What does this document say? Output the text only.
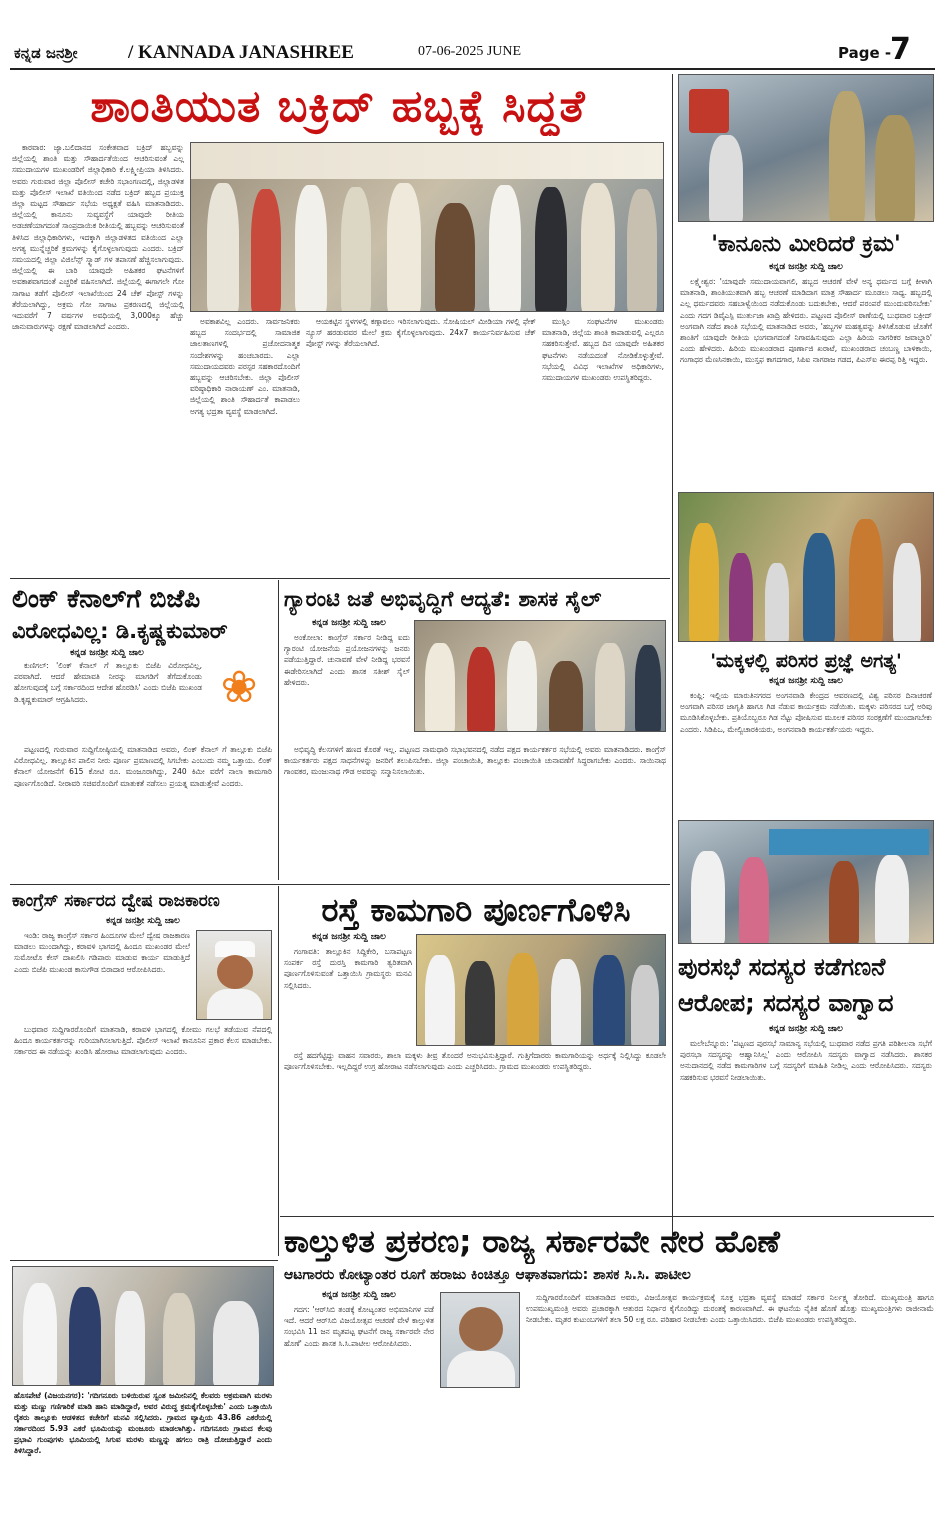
ಕನ್ನಡ ಜನಶ್ರೀ	/ KANNADA JANASHREE	07-06-2025 JUNE	Page -
7
ಶಾಂತಿಯುತ ಬಕ್ರಿದ್ ಹಬ್ಬಕ್ಕೆ ಸಿದ್ಧತೆ

ಕಾರವಾರ: ಜ್ಯಾ.ಬಲಿದಾನದ ಸಂಕೇತವಾದ ಬಕ್ರಿದ್ ಹಬ್ಬವನ್ನು ಜಿಲ್ಲೆಯಲ್ಲಿ ಶಾಂತಿ ಮತ್ತು ಸೌಹಾರ್ದತೆಯಿಂದ ಆಚರಿಸುವಂತೆ ಎಲ್ಲ ಸಮುದಾಯಗಳ ಮುಖಂಡರಿಗೆ ಜಿಲ್ಲಾಧಿಕಾರಿ ಕೆ.ಲಕ್ಷ್ಮೀಪ್ರಿಯಾ ತಿಳಿಸಿದರು. ಅವರು ಗುರುವಾರ ಜಿಲ್ಲಾ ಪೊಲೀಸ್ ಕಚೇರಿ ಸಭಾಂಗಣದಲ್ಲಿ, ಜಿಲ್ಲಾಡಳಿತ ಮತ್ತು ಪೊಲೀಸ್ ಇಲಾಖೆ ವತಿಯಿಂದ ನಡೆದ ಬಕ್ರಿದ್ ಹಬ್ಬದ ಪ್ರಯುಕ್ತ ಜಿಲ್ಲಾ ಮಟ್ಟದ ಸೌಹಾರ್ದ ಸಭೆಯ ಅಧ್ಯಕ್ಷತೆ ವಹಿಸಿ ಮಾತನಾಡಿದರು. ಜಿಲ್ಲೆಯಲ್ಲಿ ಕಾನೂನು ಸುವ್ಯವಸ್ಥೆಗೆ ಯಾವುದೇ ರೀತಿಯ ಅಡಚಣೆಯಾಗದಂತೆ ಸಾಂಪ್ರದಾಯಿಕ ರೀತಿಯಲ್ಲಿ ಹಬ್ಬವನ್ನು ಆಚರಿಸುವಂತೆ ತಿಳಿಸಿದ ಜಿಲ್ಲಾಧಿಕಾರಿಗಳು, ಇದಕ್ಕಾಗಿ ಜಿಲ್ಲಾಡಳಿತದ ವತಿಯಿಂದ ಎಲ್ಲಾ ಅಗತ್ಯ ಮುನ್ನೆಚ್ಚರಿಕೆ ಕ್ರಮಗಳನ್ನು ಕೈಗೊಳ್ಳಲಾಗುವುದು ಎಂದರು. ಬಕ್ರಿದ್ ಸಮಯದಲ್ಲಿ ಜಿಲ್ಲಾ ವಿಜಿಲೆನ್ಸ್ ಸ್ಕ್ವಾಡ್ ಗಳ ತಪಾಸಣೆ ಹೆಚ್ಚಿಸಲಾಗುವುದು. ಜಿಲ್ಲೆಯಲ್ಲಿ ಈ ಬಾರಿ ಯಾವುದೇ ಅಹಿತಕರ ಘಟನೆಗಳಿಗೆ ಅವಕಾಶವಾಗದಂತೆ ಎಚ್ಚರಿಕೆ ವಹಿಸಲಾಗಿದೆ. ಜಿಲ್ಲೆಯಲ್ಲಿ ಈಗಾಗಲೇ ಗೋ ಸಾಗಾಟ ತಡೆಗೆ ಪೊಲೀಸ್ ಇಲಾಖೆಯಿಂದ 24 ಚೆಕ್ ಪೋಸ್ಟ್ ಗಳನ್ನು ತೆರೆಯಲಾಗಿದ್ದು, ಅಕ್ರಮ ಗೋ ಸಾಗಾಟ ಪ್ರಕರಣದಲ್ಲಿ ಜಿಲ್ಲೆಯಲ್ಲಿ ಇದುವರೆಗೆ 7 ವರ್ಷಗಳ ಅವಧಿಯಲ್ಲಿ 3,000ಕ್ಕೂ ಹೆಚ್ಚು ಜಾನುವಾರುಗಳನ್ನು ರಕ್ಷಣೆ ಮಾಡಲಾಗಿದೆ ಎಂದರು.

ಅವಕಾಶವಿಲ್ಲ ಎಂದರು. ಸಾರ್ವಜನಿಕರು ಹಬ್ಬದ ಸಂದರ್ಭದಲ್ಲಿ ಸಾಮಾಜಿಕ ಜಾಲತಾಣಗಳಲ್ಲಿ ಪ್ರಚೋದನಾತ್ಮಕ ಸಂದೇಶಗಳನ್ನು ಹಂಚಬಾರದು. ಎಲ್ಲಾ ಸಮುದಾಯದವರು ಪರಸ್ಪರ ಸಹಕಾರದೊಂದಿಗೆ ಹಬ್ಬವನ್ನು ಆಚರಿಸಬೇಕು. ಜಿಲ್ಲಾ ಪೊಲೀಸ್ ವರಿಷ್ಠಾಧಿಕಾರಿ ನಾರಾಯಣ್ ಎಂ. ಮಾತನಾಡಿ, ಜಿಲ್ಲೆಯಲ್ಲಿ ಶಾಂತಿ ಸೌಹಾರ್ದತೆ ಕಾಪಾಡಲು ಅಗತ್ಯ ಭದ್ರತಾ ವ್ಯವಸ್ಥೆ ಮಾಡಲಾಗಿದೆ.

ಆಯಕಟ್ಟಿನ ಸ್ಥಳಗಳಲ್ಲಿ ಕಣ್ಗಾವಲು ಇರಿಸಲಾಗುವುದು. ಸೋಷಿಯಲ್ ಮೀಡಿಯಾ ಗಳಲ್ಲಿ ಫೇಕ್ ನ್ಯೂಸ್ ಹರಡುವವರ ಮೇಲೆ ಕ್ರಮ ಕೈಗೊಳ್ಳಲಾಗುವುದು. 24x7 ಕಾರ್ಯನಿರ್ವಹಿಸುವ ಚೆಕ್ ಪೋಸ್ಟ್ ಗಳನ್ನು ತೆರೆಯಲಾಗಿದೆ.

ಮುಸ್ಲಿಂ ಸಂಘಟನೆಗಳ ಮುಖಂಡರು ಮಾತನಾಡಿ, ಜಿಲ್ಲೆಯ ಶಾಂತಿ ಕಾಪಾಡುವಲ್ಲಿ ಎಲ್ಲರೂ ಸಹಕರಿಸುತ್ತೇವೆ. ಹಬ್ಬದ ದಿನ ಯಾವುದೇ ಅಹಿತಕರ ಘಟನೆಗಳು ನಡೆಯದಂತೆ ನೋಡಿಕೊಳ್ಳುತ್ತೇವೆ. ಸಭೆಯಲ್ಲಿ ವಿವಿಧ ಇಲಾಖೆಗಳ ಅಧಿಕಾರಿಗಳು, ಸಮುದಾಯಗಳ ಮುಖಂಡರು ಉಪಸ್ಥಿತರಿದ್ದರು.

'ಕಾನೂನು ಮೀರಿದರೆ ಕ್ರಮ'
ಕನ್ನಡ ಜನಶ್ರೀ ಸುದ್ದಿ ಜಾಲ

ಲಕ್ಷ್ಮೇಶ್ವರ: 'ಯಾವುದೇ ಸಮುದಾಯವಾಗಲಿ, ಹಬ್ಬದ ಆಚರಣೆ ವೇಳೆ ಅನ್ಯ ಧರ್ಮದ ಬಗ್ಗೆ ಕೀಳಾಗಿ ಮಾತನಾಡಿ, ಶಾಂತಿಯುತವಾಗಿ ಹಬ್ಬ ಆಚರಣೆ ಮಾಡಿದಾಗ ಮಾತ್ರ ಸೌಹಾರ್ದ ಮೂಡಲು ಸಾಧ್ಯ. ಹಬ್ಬದಲ್ಲಿ ಎಲ್ಲ ಧರ್ಮದವರು ಸಹಬಾಳ್ವೆಯಿಂದ ನಡೆದುಕೊಂಡು ಬದುಕಬೇಕು, ಆದರೆ ಪರಂಪರೆ ಮುಂದುವರಿಸಬೇಕು' ಎಂದು ಗದಗ ಡಿವೈಎಸ್ಪಿ ಮುರ್ತುಜಾ ಖಾದ್ರಿ ಹೇಳಿದರು. ಪಟ್ಟಣದ ಪೊಲೀಸ್ ಠಾಣೆಯಲ್ಲಿ ಬುಧವಾರ ಬಕ್ರೀದ್ ಅಂಗವಾಗಿ ನಡೆದ ಶಾಂತಿ ಸಭೆಯಲ್ಲಿ ಮಾತನಾಡಿದ ಅವರು, 'ಹಬ್ಬಗಳ ಮಹತ್ವವನ್ನು ತಿಳಿಸಿಕೊಡುವ ಜೊತೆಗೆ ಶಾಂತಿಗೆ ಯಾವುದೇ ರೀತಿಯ ಭಂಗವಾಗದಂತೆ ನಿಗಾವಹಿಸುವುದು ಎಲ್ಲಾ ಹಿರಿಯ ನಾಗರಿಕರ ಜವಾಬ್ದಾರಿ' ಎಂದು ಹೇಳಿದರು. ಹಿರಿಯ ಮುಖಂಡರಾದ ಪೂರ್ಣಾಜಿ ಖರಾಟೆ, ಮುಖಂಡರಾದ ಚಂಬಣ್ಣ ಬಾಳಿಕಾಯಿ, ಗಂಗಾಧರ ಮೆಣಸಿನಕಾಯಿ, ಮುಸ್ತಫ ಕಾಗದಗಾರ, ಸಿಪಿಐ ನಾಗರಾಜ ಗಡದ, ಪಿಎಸ್ಐ ಈರಪ್ಪ ರಿತ್ತಿ ಇದ್ದರು.

'ಮಕ್ಕಳಲ್ಲಿ ಪರಿಸರ ಪ್ರಜ್ಞೆ ಅಗತ್ಯ'
ಕನ್ನಡ ಜನಶ್ರೀ ಸುದ್ದಿ ಜಾಲ

ಕಂಪ್ಲಿ: ಇಲ್ಲಿಯ ಮಾರುತಿನಗರದ ಅಂಗನವಾಡಿ ಕೇಂದ್ರದ ಆವರಣದಲ್ಲಿ ವಿಶ್ವ ಪರಿಸರ ದಿನಾಚರಣೆ ಅಂಗವಾಗಿ ಪರಿಸರ ಜಾಗೃತಿ ಹಾಗೂ ಗಿಡ ನೆಡುವ ಕಾರ್ಯಕ್ರಮ ನಡೆಯಿತು. ಮಕ್ಕಳು ಪರಿಸರದ ಬಗ್ಗೆ ಅರಿವು ಮೂಡಿಸಿಕೊಳ್ಳಬೇಕು. ಪ್ರತಿಯೊಬ್ಬರೂ ಗಿಡ ನೆಟ್ಟು ಪೋಷಿಸುವ ಮೂಲಕ ಪರಿಸರ ಸಂರಕ್ಷಣೆಗೆ ಮುಂದಾಗಬೇಕು ಎಂದರು. ಸಿಡಿಪಿಒ, ಮೇಲ್ವಿಚಾರಕಿಯರು, ಅಂಗನವಾಡಿ ಕಾರ್ಯಕರ್ತೆಯರು ಇದ್ದರು.

ಪುರಸಭೆ ಸದಸ್ಯರ ಕಡೆಗಣನೆ
ಆರೋಪ; ಸದಸ್ಯರ ವಾಗ್ವಾದ
ಕನ್ನಡ ಜನಶ್ರೀ ಸುದ್ದಿ ಜಾಲ

ಮಲೇಬೆನ್ನೂರು: 'ಪಟ್ಟಣದ ಪುರಸಭೆ ಸಾಮಾನ್ಯ ಸಭೆಯಲ್ಲಿ ಬುಧವಾರ ನಡೆದ ಪ್ರಗತಿ ಪರಿಶೀಲನಾ ಸಭೆಗೆ ಪುರಸಭಾ ಸದಸ್ಯರನ್ನು ಆಹ್ವಾನಿಸಿಲ್ಲ' ಎಂದು ಆರೋಪಿಸಿ ಸದಸ್ಯರು ವಾಗ್ವಾದ ನಡೆಸಿದರು. ಶಾಸಕರ ಅನುದಾನದಲ್ಲಿ ನಡೆದ ಕಾಮಗಾರಿಗಳ ಬಗ್ಗೆ ಸದಸ್ಯರಿಗೆ ಮಾಹಿತಿ ನೀಡಿಲ್ಲ ಎಂದು ಆರೋಪಿಸಿದರು. ಸದಸ್ಯರು ಸಹಕರಿಸುವ ಭರವಸೆ ನೀಡಲಾಯಿತು.

ಲಿಂಕ್ ಕೆನಾಲ್‌ಗೆ ಬಿಜೆಪಿ
ವಿರೋಧವಿಲ್ಲ: ಡಿ.ಕೃಷ್ಣಕುಮಾರ್
ಕನ್ನಡ ಜನಶ್ರೀ ಸುದ್ದಿ ಜಾಲ

ಕುಣಿಗಲ್: 'ಲಿಂಕ್ ಕೆನಾಲ್ ಗೆ ತಾಲ್ಲೂಕು ಬಿಜೆಪಿ ವಿರೋಧವಿಲ್ಲ, ಪರವಾಗಿದೆ. ಆದರೆ ಹೇಮಾವತಿ ನೀರನ್ನು ಮಾಗಡಿಗೆ ತೆಗೆದುಕೊಂಡು ಹೋಗುವುದಕ್ಕೆ ಬಗ್ಗೆ ಸರ್ಕಾರದಿಂದ ಆದೇಶ ಹೊರಡಿಸಿ' ಎಂದು ಬಿಜೆಪಿ ಮುಖಂಡ ಡಿ.ಕೃಷ್ಣಕುಮಾರ್ ಆಗ್ರಹಿಸಿದರು.	❀

ಪಟ್ಟಣದಲ್ಲಿ ಗುರುವಾರ ಸುದ್ದಿಗೋಷ್ಠಿಯಲ್ಲಿ ಮಾತನಾಡಿದ ಅವರು, ಲಿಂಕ್ ಕೆನಾಲ್ ಗೆ ತಾಲ್ಲೂಕು ಬಿಜೆಪಿ ವಿರೋಧವಿಲ್ಲ. ತಾಲ್ಲೂಕಿನ ಪಾಲಿನ ನೀರು ಪೂರ್ಣ ಪ್ರಮಾಣದಲ್ಲಿ ಸಿಗಬೇಕು ಎಂಬುದು ನಮ್ಮ ಒತ್ತಾಯ. ಲಿಂಕ್ ಕೆನಾಲ್ ಯೋಜನೆಗೆ 615 ಕೋಟಿ ರೂ. ಮಂಜೂರಾಗಿದ್ದು, 240 ಕಿಮೀ ವರೆಗೆ ನಾಲಾ ಕಾಮಗಾರಿ ಪೂರ್ಣಗೊಂಡಿದೆ. ನೀರಾವರಿ ಸಚಿವರೊಂದಿಗೆ ಮಾತುಕತೆ ನಡೆಸಲು ಪ್ರಯತ್ನ ಮಾಡುತ್ತೇವೆ ಎಂದರು.

ಗ್ಯಾರಂಟಿ ಜತೆ ಅಭಿವೃದ್ಧಿಗೆ ಆದ್ಯತೆ: ಶಾಸಕ ಸೈಲ್
ಕನ್ನಡ ಜನಶ್ರೀ ಸುದ್ದಿ ಜಾಲ

ಅಂಕೋಲಾ: ಕಾಂಗ್ರೆಸ್ ಸರ್ಕಾರ ನೀಡಿದ್ದ ಐದು ಗ್ಯಾರಂಟಿ ಯೋಜನೆಯ ಪ್ರಯೋಜನಗಳನ್ನು ಜನರು ಪಡೆಯುತ್ತಿದ್ದಾರೆ. ಚುನಾವಣೆ ವೇಳೆ ನೀಡಿದ್ದ ಭರವಸೆ ಈಡೇರಿಸಲಾಗಿದೆ ಎಂದು ಶಾಸಕ ಸತೀಶ್ ಸೈಲ್ ಹೇಳಿದರು.

ಅಭಿವೃದ್ಧಿ ಕೆಲಸಗಳಿಗೆ ಹಣದ ಕೊರತೆ ಇಲ್ಲ. ಪಟ್ಟಣದ ನಾಮಧಾರಿ ಸಭಾಭವನದಲ್ಲಿ ನಡೆದ ಪಕ್ಷದ ಕಾರ್ಯಕರ್ತರ ಸಭೆಯಲ್ಲಿ ಅವರು ಮಾತನಾಡಿದರು. ಕಾಂಗ್ರೆಸ್ ಕಾರ್ಯಕರ್ತರು ಪಕ್ಷದ ಸಾಧನೆಗಳನ್ನು ಜನರಿಗೆ ತಲುಪಿಸಬೇಕು. ಜಿಲ್ಲಾ ಪಂಚಾಯಿತಿ, ತಾಲ್ಲೂಕು ಪಂಚಾಯಿತಿ ಚುನಾವಣೆಗೆ ಸಿದ್ಧರಾಗಬೇಕು ಎಂದರು. ಸಾಯಿನಾಥ ಗಾಂವಕರ, ಮಂಜುನಾಥ ಗೌಡ ಅವರನ್ನು ಸನ್ಮಾನಿಸಲಾಯಿತು.

ಕಾಂಗ್ರೆಸ್ ಸರ್ಕಾರದ ದ್ವೇಷ ರಾಜಕಾರಣ
ಕನ್ನಡ ಜನಶ್ರೀ ಸುದ್ದಿ ಜಾಲ

ಇಂಡಿ: ರಾಜ್ಯ ಕಾಂಗ್ರೆಸ್ ಸರ್ಕಾರ ಹಿಂದೂಗಳ ಮೇಲೆ ದ್ವೇಷ ರಾಜಕಾರಣ ಮಾಡಲು ಮುಂದಾಗಿದ್ದು, ಕರಾವಳಿ ಭಾಗದಲ್ಲಿ ಹಿಂದೂ ಮುಖಂಡರ ಮೇಲೆ ಸುಮೋಟೊ ಕೇಸ್ ದಾಖಲಿಸಿ ಗಡಿಪಾರು ಮಾಡುವ ಕಾರ್ಯ ಮಾಡುತ್ತಿದೆ ಎಂದು ಬಿಜೆಪಿ ಮುಖಂಡ ಕಾಸುಗೌಡ ಬಿರಾದಾರ ಆರೋಪಿಸಿದರು.

ಬುಧವಾರ ಸುದ್ದಿಗಾರರೊಂದಿಗೆ ಮಾತನಾಡಿ, ಕರಾವಳಿ ಭಾಗದಲ್ಲಿ ಕೋಮು ಗಲಭೆ ತಡೆಯುವ ನೆಪದಲ್ಲಿ ಹಿಂದೂ ಕಾರ್ಯಕರ್ತರನ್ನು ಗುರಿಯಾಗಿಸಲಾಗುತ್ತಿದೆ. ಪೊಲೀಸ್ ಇಲಾಖೆ ಕಾನೂನಿನ ಪ್ರಕಾರ ಕೆಲಸ ಮಾಡಬೇಕು. ಸರ್ಕಾರದ ಈ ನಡೆಯನ್ನು ಖಂಡಿಸಿ ಹೋರಾಟ ಮಾಡಲಾಗುವುದು ಎಂದರು.

ರಸ್ತೆ ಕಾಮಗಾರಿ ಪೂರ್ಣಗೊಳಿಸಿ
ಕನ್ನಡ ಜನಶ್ರೀ ಸುದ್ದಿ ಜಾಲ

ಗಂಗಾವತಿ: ತಾಲ್ಲೂಕಿನ ಸಿದ್ದಿಕೇರಿ, ಬಸಾಪಟ್ಟಣ ಸಂಪರ್ಕ ರಸ್ತೆ ದುರಸ್ತಿ ಕಾಮಗಾರಿ ತ್ವರಿತವಾಗಿ ಪೂರ್ಣಗೊಳಿಸುವಂತೆ ಒತ್ತಾಯಿಸಿ ಗ್ರಾಮಸ್ಥರು ಮನವಿ ಸಲ್ಲಿಸಿದರು.

ರಸ್ತೆ ಹದಗೆಟ್ಟಿದ್ದು ವಾಹನ ಸವಾರರು, ಶಾಲಾ ಮಕ್ಕಳು ತೀವ್ರ ತೊಂದರೆ ಅನುಭವಿಸುತ್ತಿದ್ದಾರೆ. ಗುತ್ತಿಗೆದಾರರು ಕಾಮಗಾರಿಯನ್ನು ಅರ್ಧಕ್ಕೆ ನಿಲ್ಲಿಸಿದ್ದು ಕೂಡಲೇ ಪೂರ್ಣಗೊಳಿಸಬೇಕು. ಇಲ್ಲದಿದ್ದರೆ ಉಗ್ರ ಹೋರಾಟ ನಡೆಸಲಾಗುವುದು ಎಂದು ಎಚ್ಚರಿಸಿದರು. ಗ್ರಾಮದ ಮುಖಂಡರು ಉಪಸ್ಥಿತರಿದ್ದರು.

ಕಾಲ್ತುಳಿತ ಪ್ರಕರಣ; ರಾಜ್ಯ ಸರ್ಕಾರವೇ ನೇರ ಹೊಣೆ
ಆಟಗಾರರು ಕೋಟ್ಯಾಂತರ ರೂಗೆ ಹರಾಜು ಕಿಂಚಿತ್ತೂ ಆಘಾತವಾಗದು: ಶಾಸಕ ಸಿ.ಸಿ. ಪಾಟೀಲ
ಕನ್ನಡ ಜನಶ್ರೀ ಸುದ್ದಿ ಜಾಲ

ಗದಗ: 'ಆರ್‌ಸಿಬಿ ತಂಡಕ್ಕೆ ಕೋಟ್ಯಂತರ ಅಭಿಮಾನಿಗಳ ಪಡೆ ಇದೆ. ಆದರೆ ಆರ್‌ಸಿಬಿ ವಿಜಯೋತ್ಸವ ಆಚರಣೆ ವೇಳೆ ಕಾಲ್ತುಳಿತ ಸಂಭವಿಸಿ 11 ಜನ ಮೃತಪಟ್ಟ ಘಟನೆಗೆ ರಾಜ್ಯ ಸರ್ಕಾರವೇ ನೇರ ಹೊಣೆ' ಎಂದು ಶಾಸಕ ಸಿ.ಸಿ.ಪಾಟೀಲ ಆರೋಪಿಸಿದರು.

ಸುದ್ದಿಗಾರರೊಂದಿಗೆ ಮಾತನಾಡಿದ ಅವರು, ವಿಜಯೋತ್ಸವ ಕಾರ್ಯಕ್ರಮಕ್ಕೆ ಸೂಕ್ತ ಭದ್ರತಾ ವ್ಯವಸ್ಥೆ ಮಾಡದೆ ಸರ್ಕಾರ ನಿರ್ಲಕ್ಷ್ಯ ತೋರಿದೆ. ಮುಖ್ಯಮಂತ್ರಿ ಹಾಗೂ ಉಪಮುಖ್ಯಮಂತ್ರಿ ಅವರು ಪ್ರಚಾರಕ್ಕಾಗಿ ಆತುರದ ನಿರ್ಧಾರ ಕೈಗೊಂಡಿದ್ದು ದುರಂತಕ್ಕೆ ಕಾರಣವಾಗಿದೆ. ಈ ಘಟನೆಯ ನೈತಿಕ ಹೊಣೆ ಹೊತ್ತು ಮುಖ್ಯಮಂತ್ರಿಗಳು ರಾಜೀನಾಮೆ ನೀಡಬೇಕು. ಮೃತರ ಕುಟುಂಬಗಳಿಗೆ ತಲಾ 50 ಲಕ್ಷ ರೂ. ಪರಿಹಾರ ನೀಡಬೇಕು ಎಂದು ಒತ್ತಾಯಿಸಿದರು. ಬಿಜೆಪಿ ಮುಖಂಡರು ಉಪಸ್ಥಿತರಿದ್ದರು.

ಹೊಸಪೇಟೆ (ವಿಜಯನಗರ): 'ಗದಿಗನೂರು ಬಳಿಯಿರುವ ಸ್ವಂತ ಜಮೀನಿನಲ್ಲಿ ಕೆಲವರು ಅಕ್ರಮವಾಗಿ ಮರಳು ಮತ್ತು ಮಣ್ಣು ಗಣಿಗಾರಿಕೆ ಮಾಡಿ ಹಾನಿ ಮಾಡಿದ್ದಾರೆ, ಅವರ ವಿರುದ್ಧ ಕ್ರಮಕೈಗೊಳ್ಳಬೇಕು' ಎಂದು ಒತ್ತಾಯಿಸಿ ರೈತರು ತಾಲ್ಲೂಕು ಆಡಳಿತದ ಕಚೇರಿಗೆ ಮನವಿ ಸಲ್ಲಿಸಿದರು. ಗ್ರಾಮದ ವ್ಯಾಪ್ತಿಯ 43.86 ಎಕರೆಯಲ್ಲಿ ಸರ್ಕಾರದಿಂದ 5.93 ಎಕರೆ ಭೂಮಿಯನ್ನು ಮಂಜೂರು ಮಾಡಲಾಗಿತ್ತು. ಗದಿಗನೂರು ಗ್ರಾಮದ ಕೆಲವು ಪ್ರಭಾವಿ ಗುಂಪುಗಳು ಭೂಮಿಯಲ್ಲಿ ಸಿಗುವ ಮರಳು ಮಣ್ಣನ್ನು ಹಗಲು ರಾತ್ರಿ ದೋಚುತ್ತಿದ್ದಾರೆ ಎಂದು ತಿಳಿಸಿದ್ದಾರೆ.
